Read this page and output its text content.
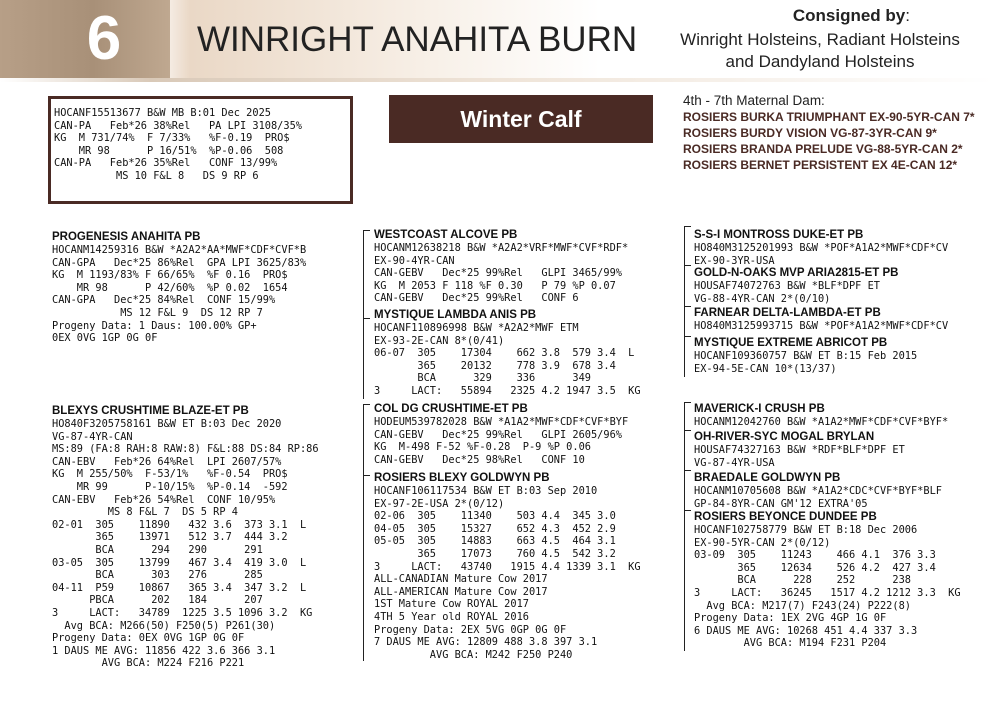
6	WINRIGHT ANAHITA BURN
Consigned by:
Winright Holsteins, Radiant Holsteins
and Dandyland Holsteins
HOCANF15513677 B&W MB B:01 Dec 2025
CAN-PA   Feb*26 38%Rel   PA LPI 3108/35%
KG  M 731/74%  F 7/33%   %F-0.19  PRO$
MR 98      P 16/51%  %P-0.06  508
CAN-PA   Feb*26 35%Rel   CONF 13/99%
MS 10 F&L 8   DS 9 RP 6
Winter Calf
4th - 7th Maternal Dam:
ROSIERS BURKA TRIUMPHANT EX-90-5YR-CAN 7*
ROSIERS BURDY VISION VG-87-3YR-CAN 9*
ROSIERS BRANDA PRELUDE VG-88-5YR-CAN 2*
ROSIERS BERNET PERSISTENT EX 4E-CAN 12*
PROGENESIS ANAHITA PB
HOCANM14259316 B&W *A2A2*AA*MWF*CDF*CVF*B
CAN-GPA   Dec*25 86%Rel  GPA LPI 3625/83%
KG  M 1193/83% F 66/65%  %F 0.16  PRO$
MR 98      P 42/60%  %P 0.02  1654
CAN-GPA   Dec*25 84%Rel  CONF 15/99%
MS 12 F&L 9  DS 12 RP 7
Progeny Data: 1 Daus: 100.00% GP+
0EX 0VG 1GP 0G 0F
BLEXYS CRUSHTIME BLAZE-ET PB
HO840F3205758161 B&W ET B:03 Dec 2020
VG-87-4YR-CAN
MS:89 (FA:8 RAH:8 RAW:8) F&L:88 DS:84 RP:86
CAN-EBV   Feb*26 64%Rel  LPI 2607/57%
KG  M 255/50%  F-53/1%   %F-0.54  PRO$
MR 99      P-10/15%  %P-0.14  -592
CAN-EBV   Feb*26 54%Rel  CONF 10/95%
MS 8 F&L 7  DS 5 RP 4
02-01  305    11890   432 3.6  373 3.1  L
365    13971   512 3.7  444 3.2
BCA      294   290      291
03-05  305    13799   467 3.4  419 3.0  L
BCA      303   276      285
04-11  P59    10867   365 3.4  347 3.2  L
PBCA      202   184      207
3     LACT:   34789  1225 3.5 1096 3.2  KG
Avg BCA: M266(50) F250(5) P261(30)
Progeny Data: 0EX 0VG 1GP 0G 0F
1 DAUS ME AVG: 11856 422 3.6 366 3.1
AVG BCA: M224 F216 P221
WESTCOAST ALCOVE PB
HOCANM12638218 B&W *A2A2*VRF*MWF*CVF*RDF*
EX-90-4YR-CAN
CAN-GEBV   Dec*25 99%Rel   GLPI 3465/99%
KG  M 2053 F 118 %F 0.30   P 79 %P 0.07
CAN-GEBV   Dec*25 99%Rel   CONF 6
MYSTIQUE LAMBDA ANIS PB
HOCANF110896998 B&W *A2A2*MWF ETM
EX-93-2E-CAN 8*(0/41)
06-07  305    17304    662 3.8  579 3.4  L
365    20132    778 3.9  678 3.4
BCA      329    336      349
3     LACT:   55894   2325 4.2 1947 3.5  KG
COL DG CRUSHTIME-ET PB
HODEUM539782028 B&W *A1A2*MWF*CDF*CVF*BYF
CAN-GEBV   Dec*25 99%Rel   GLPI 2605/96%
KG  M-498 F-52 %F-0.28  P-9 %P 0.06
CAN-GEBV   Dec*25 98%Rel   CONF 10
ROSIERS BLEXY GOLDWYN PB
HOCANF106117534 B&W ET B:03 Sep 2010
EX-97-2E-USA 2*(0/12)
02-06  305    11340    503 4.4  345 3.0
04-05  305    15327    652 4.3  452 2.9
05-05  305    14883    663 4.5  464 3.1
365    17073    760 4.5  542 3.2
3     LACT:   43740   1915 4.4 1339 3.1  KG
ALL-CANADIAN Mature Cow 2017
ALL-AMERICAN Mature Cow 2017
1ST Mature Cow ROYAL 2017
4TH 5 Year old ROYAL 2016
Progeny Data: 2EX 5VG 0GP 0G 0F
7 DAUS ME AVG: 12809 488 3.8 397 3.1
AVG BCA: M242 F250 P240
S-S-I MONTROSS DUKE-ET PB
HO840M3125201993 B&W *POF*A1A2*MWF*CDF*CV
EX-90-3YR-USA
GOLD-N-OAKS MVP ARIA2815-ET PB
HOUSAF74072763 B&W *BLF*DPF ET
VG-88-4YR-CAN 2*(0/10)
FARNEAR DELTA-LAMBDA-ET PB
HO840M3125993715 B&W *POF*A1A2*MWF*CDF*CV
MYSTIQUE EXTREME ABRICOT PB
HOCANF109360757 B&W ET B:15 Feb 2015
EX-94-5E-CAN 10*(13/37)
MAVERICK-I CRUSH PB
HOCANM12042760 B&W *A1A2*MWF*CDF*CVF*BYF*
OH-RIVER-SYC MOGAL BRYLAN
HOUSAF74327163 B&W *RDF*BLF*DPF ET
VG-87-4YR-USA
BRAEDALE GOLDWYN PB
HOCANM10705608 B&W *A1A2*CDC*CVF*BYF*BLF
GP-84-8YR-CAN GM'12 EXTRA'05
ROSIERS BEYONCE DUNDEE PB
HOCANF102758779 B&W ET B:18 Dec 2006
EX-90-5YR-CAN 2*(0/12)
03-09  305    11243    466 4.1  376 3.3
365    12634    526 4.2  427 3.4
BCA      228    252      238
3     LACT:   36245   1517 4.2 1212 3.3  KG
Avg BCA: M217(7) F243(24) P222(8)
Progeny Data: 1EX 2VG 4GP 1G 0F
6 DAUS ME AVG: 10268 451 4.4 337 3.3
AVG BCA: M194 F231 P204
